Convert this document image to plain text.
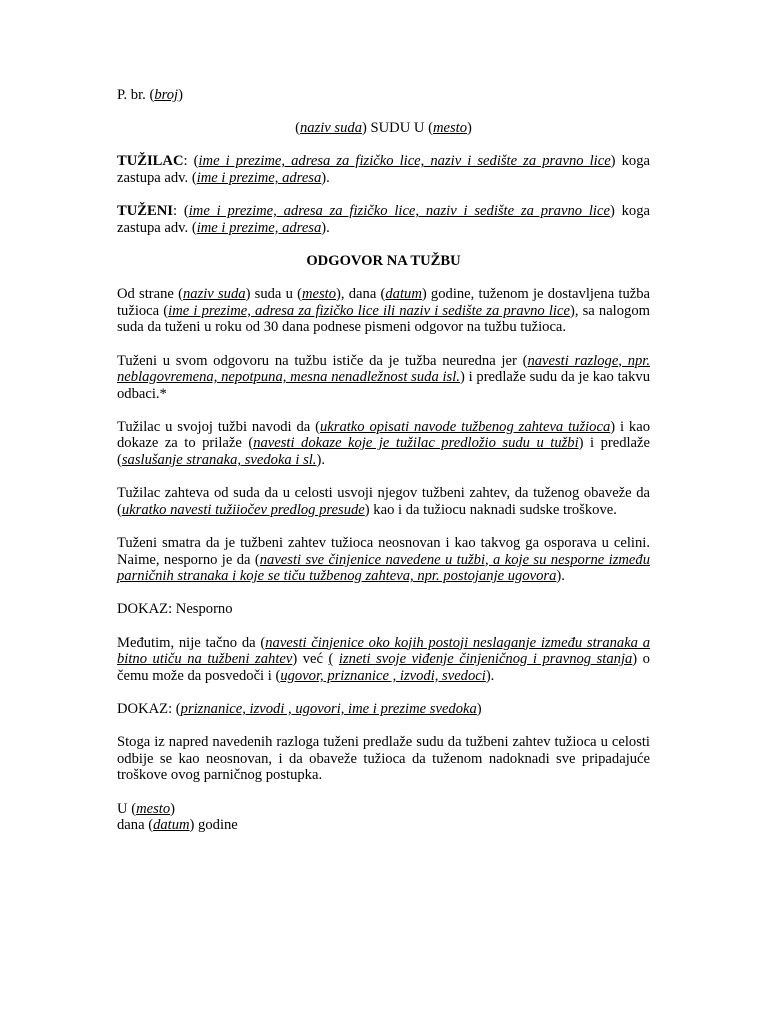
P. br. (broj)

(naziv suda) SUDU U (mesto)

TUŽILAC: (ime i prezime, adresa za fizičko lice, naziv i sedište za pravno lice) koga zastupa adv. (ime i prezime, adresa).

TUŽENI: (ime i prezime, adresa za fizičko lice, naziv i sedište za pravno lice) koga zastupa adv. (ime i prezime, adresa).

ODGOVOR NA TUŽBU

Od strane (naziv suda) suda u (mesto), dana (datum) godine, tuženom je dostavljena tužba tužioca (ime i prezime, adresa za fizičko lice ili naziv i sedište za pravno lice), sa nalogom suda da tuženi u roku od 30 dana podnese pismeni odgovor na tužbu tužioca.

Tuženi u svom odgovoru na tužbu ističe da je tužba neuredna jer (navesti razloge, npr. neblagovremena, nepotpuna, mesna nenadležnost suda isl.) i predlaže sudu da je kao takvu odbaci.*

Tužilac u svojoj tužbi navodi da (ukratko opisati navode tužbenog zahteva tužioca) i kao dokaze za to prilaže (navesti dokaze koje je tužilac predložio sudu u tužbi) i predlaže (saslušanje stranaka, svedoka i sl.).

Tužilac zahteva od suda da u celosti usvoji njegov tužbeni zahtev, da tuženog obaveže da (ukratko navesti tužiiočev predlog presude) kao i da tužiocu naknadi sudske troškove.

Tuženi smatra da je tužbeni zahtev tužioca neosnovan i kao takvog ga osporava u celini. Naime, nesporno je da (navesti sve činjenice navedene u tužbi, a koje su nesporne između parničnih stranaka i koje se tiču tužbenog zahteva, npr. postojanje ugovora).

DOKAZ: Nesporno

Međutim, nije tačno da (navesti činjenice oko kojih postoji neslaganje između stranaka a bitno utiču na tužbeni zahtev) već ( izneti svoje viđenje činjeničnog i pravnog stanja) o čemu može da posvedoči i (ugovor, priznanice , izvodi, svedoci).

DOKAZ: (priznanice, izvodi , ugovori, ime i prezime svedoka)

Stoga iz napred navedenih razloga tuženi predlaže sudu da tužbeni zahtev tužioca u celosti odbije se kao neosnovan, i da obaveže tužioca da tuženom nadoknadi sve pripadajuće troškove ovog parničnog postupka.

U (mesto)

dana (datum) godine
